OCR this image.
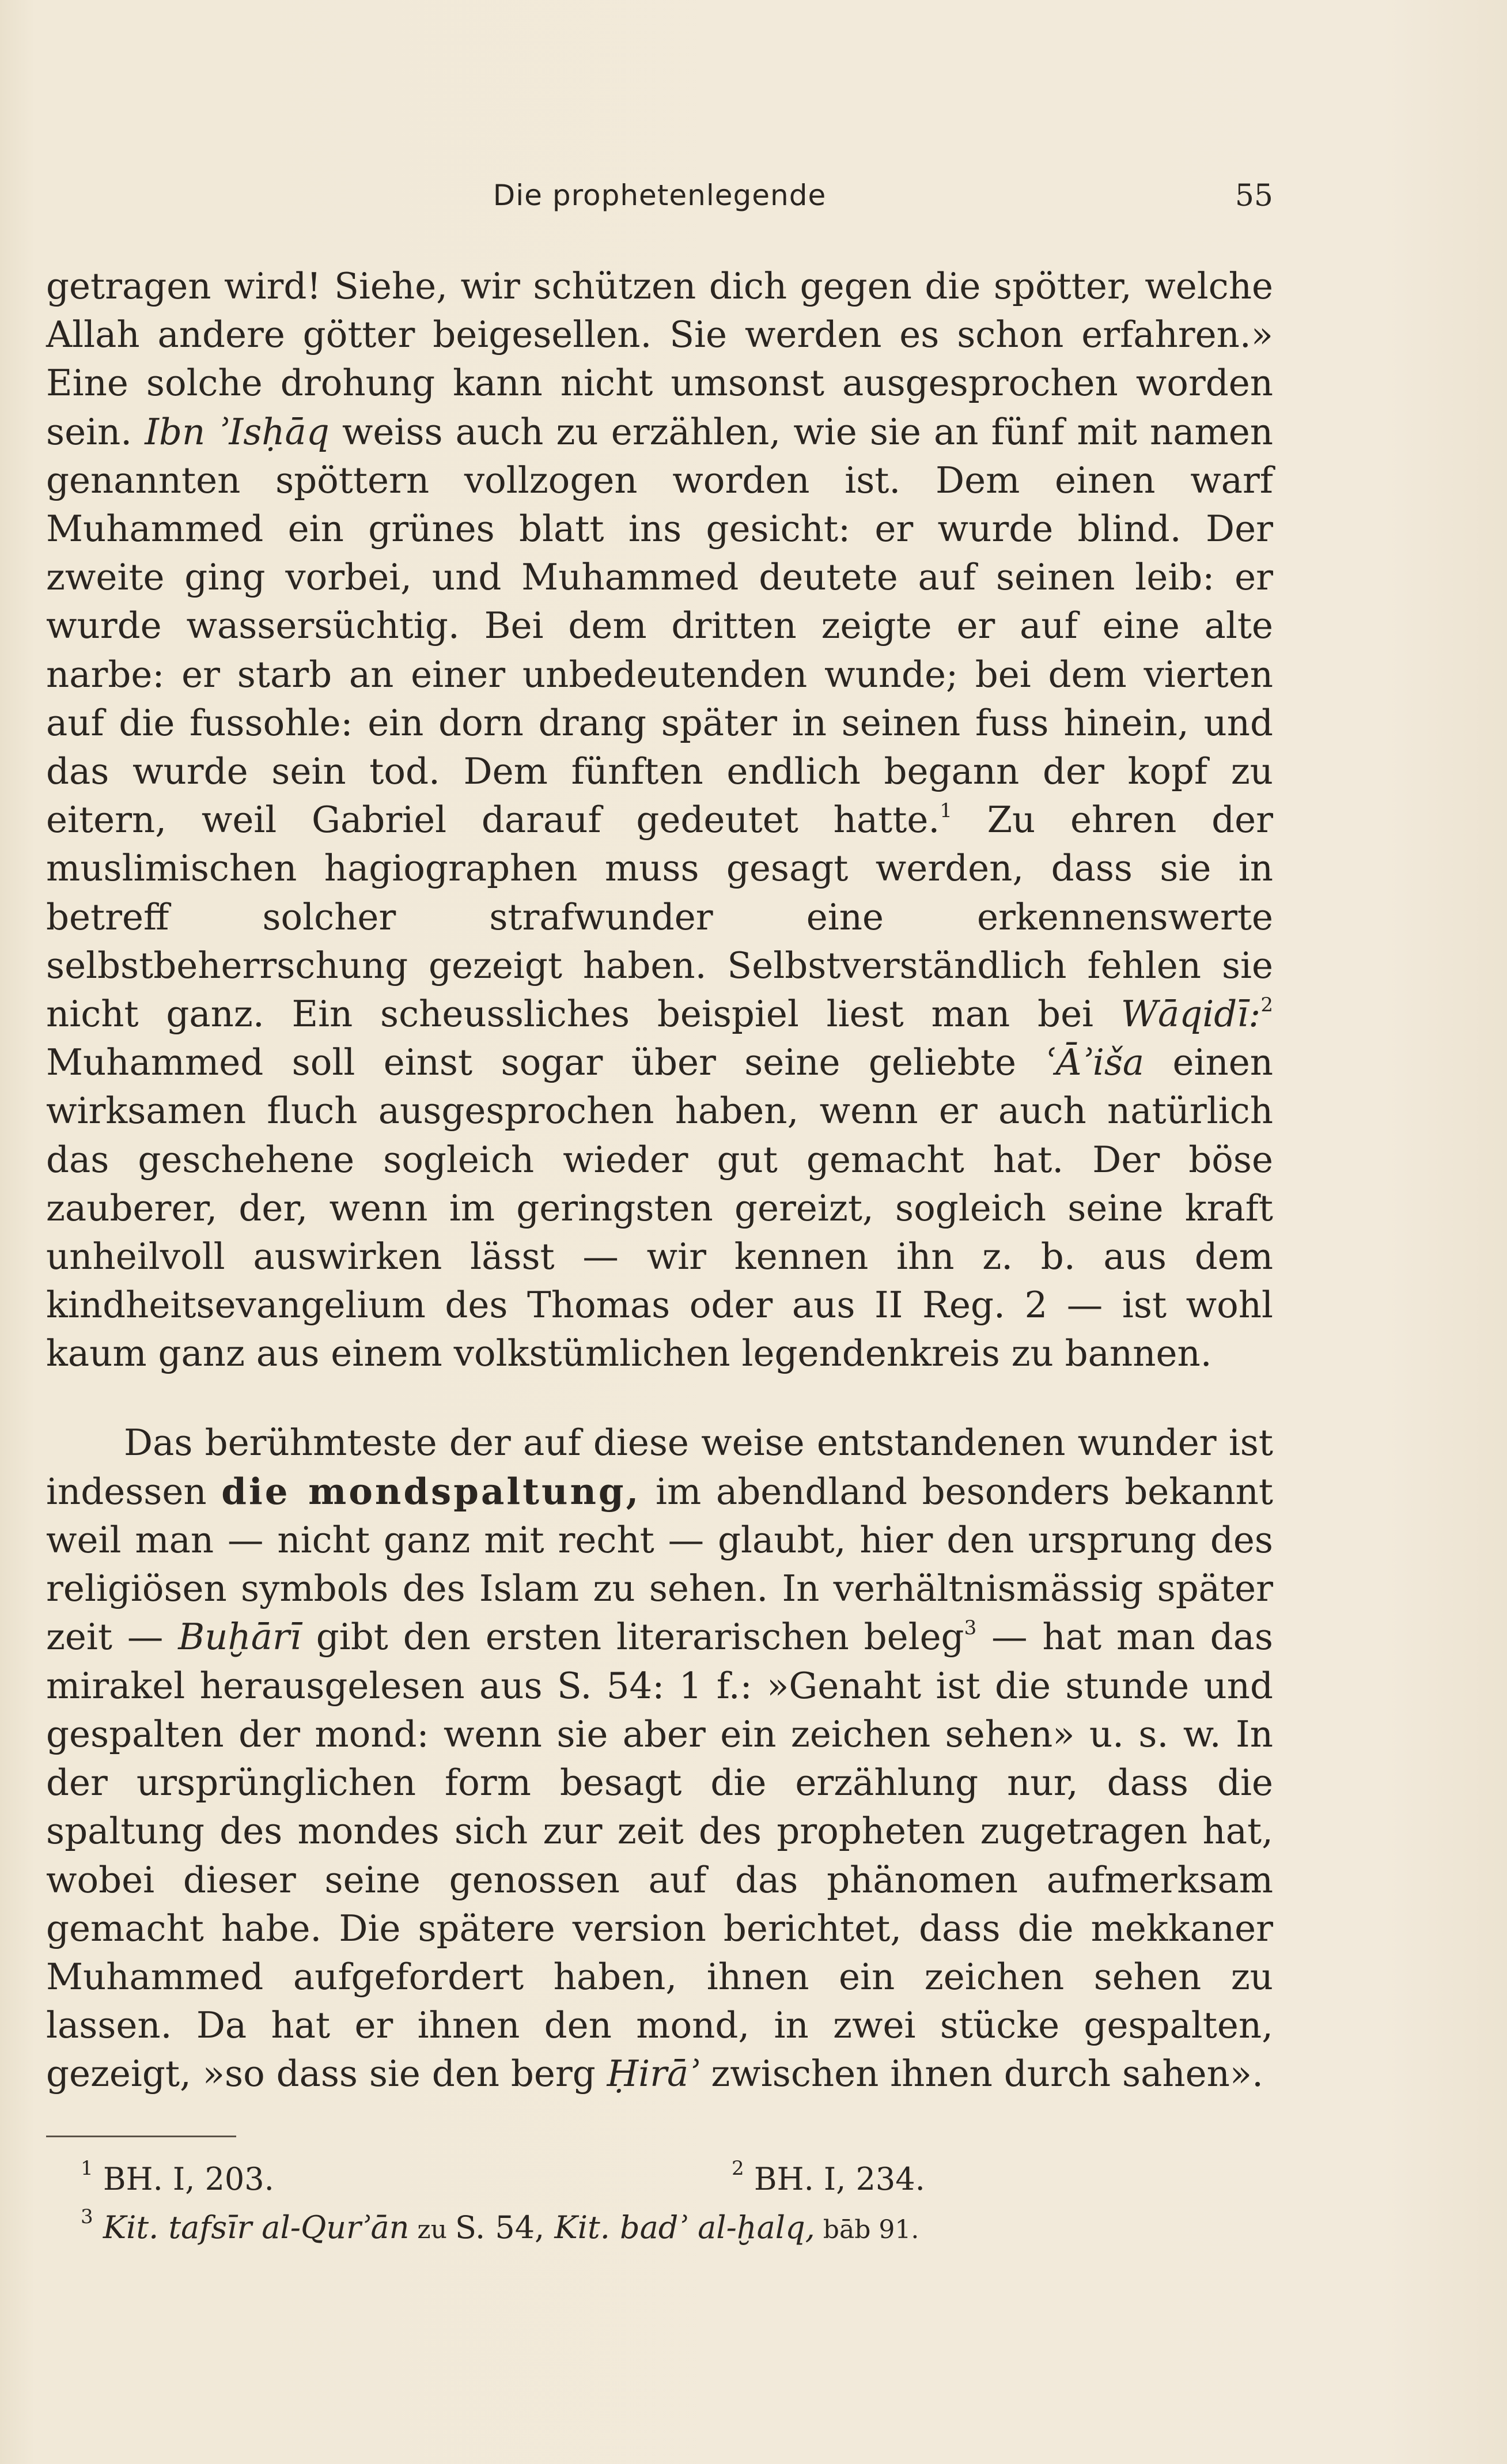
Die prophetenlegende	55

getragen wird! Siehe, wir schützen dich gegen die spötter, welche Allah andere götter beigesellen. Sie werden es schon erfahren.» Eine solche drohung kann nicht umsonst ausgesprochen worden sein. Ibn ʾIsḥāq weiss auch zu erzählen, wie sie an fünf mit namen genannten spöttern vollzogen worden ist. Dem einen warf Muhammed ein grünes blatt ins gesicht: er wurde blind. Der zweite ging vorbei, und Muhammed deutete auf seinen leib: er wurde wassersüchtig. Bei dem dritten zeigte er auf eine alte narbe: er starb an einer unbedeutenden wunde; bei dem vierten auf die fussohle: ein dorn drang später in seinen fuss hinein, und das wurde sein tod. Dem fünften endlich begann der kopf zu eitern, weil Gabriel darauf gedeutet hatte.$^1$ Zu ehren der muslimischen hagiographen muss gesagt werden, dass sie in betreff solcher strafwunder eine erkennenswerte selbstbeherrschung gezeigt haben. Selbstverständlich fehlen sie nicht ganz. Ein scheussliches beispiel liest man bei Wāqidī:$^2$ Muhammed soll einst sogar über seine geliebte ʿĀʾiša einen wirksamen fluch ausgesprochen haben, wenn er auch natürlich das geschehene sogleich wieder gut gemacht hat. Der böse zauberer, der, wenn im geringsten gereizt, sogleich seine kraft unheilvoll auswirken lässt — wir kennen ihn z. b. aus dem kindheitsevangelium des Thomas oder aus II Reg. 2 — ist wohl kaum ganz aus einem volkstümlichen legendenkreis zu bannen.

Das berühmteste der auf diese weise entstandenen wunder ist indessen die mondspaltung, im abendland besonders bekannt weil man — nicht ganz mit recht — glaubt, hier den ursprung des religiösen symbols des Islam zu sehen. In verhältnismässig später zeit — Buḫārī gibt den ersten literarischen beleg$^3$ — hat man das mirakel herausgelesen aus S. 54: 1 f.: »Genaht ist die stunde und gespalten der mond: wenn sie aber ein zeichen sehen» u. s. w. In der ursprünglichen form besagt die erzählung nur, dass die spaltung des mondes sich zur zeit des propheten zugetragen hat, wobei dieser seine genossen auf das phänomen aufmerksam gemacht habe. Die spätere version berichtet, dass die mekkaner Muhammed aufgefordert haben, ihnen ein zeichen sehen zu lassen. Da hat er ihnen den mond, in zwei stücke gespalten, gezeigt, »so dass sie den berg Ḥirāʾ zwischen ihnen durch sahen».

$^1$ BH. I, 203.	$^2$ BH. I, 234.
$^3$ Kit. tafsīr al-Qurʾān zu S. 54, Kit. badʾ al-ḫalq, bāb 91.
